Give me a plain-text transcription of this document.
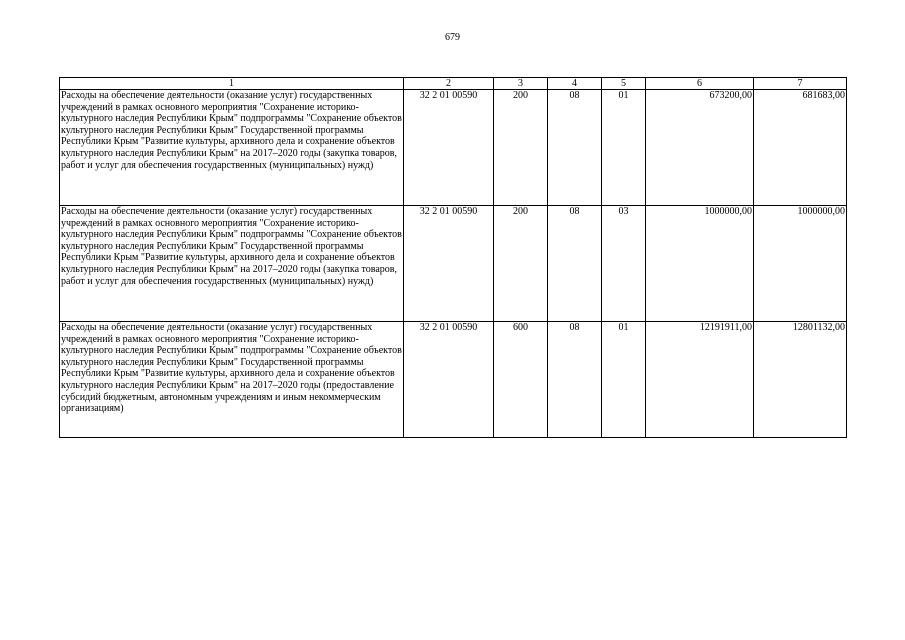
679
1	2	3	4	5	6	7
Расходы на обеспечение деятельности (оказание услуг) государственных учреждений в рамках основного мероприятия "Сохранение историко-культурного наследия Республики Крым" подпрограммы "Сохранение объектов культурного наследия Республики Крым" Государственной программы Республики Крым "Развитие культуры, архивного дела и сохранение объектов культурного наследия Республики Крым" на 2017–2020 годы (закупка товаров, работ и услуг для обеспечения государственных (муниципальных) нужд)	32 2 01 00590	200	08	01	673200,00	681683,00
Расходы на обеспечение деятельности (оказание услуг) государственных учреждений в рамках основного мероприятия "Сохранение историко-культурного наследия Республики Крым" подпрограммы "Сохранение объектов культурного наследия Республики Крым" Государственной программы Республики Крым "Развитие культуры, архивного дела и сохранение объектов культурного наследия Республики Крым" на 2017–2020 годы (закупка товаров, работ и услуг для обеспечения государственных (муниципальных) нужд)	32 2 01 00590	200	08	03	1000000,00	1000000,00
Расходы на обеспечение деятельности (оказание услуг) государственных учреждений в рамках основного мероприятия "Сохранение историко-культурного наследия Республики Крым" подпрограммы "Сохранение объектов культурного наследия Республики Крым" Государственной программы Республики Крым "Развитие культуры, архивного дела и сохранение объектов культурного наследия Республики Крым" на 2017–2020 годы (предоставление субсидий бюджетным, автономным учреждениям и иным некоммерческим организациям)	32 2 01 00590	600	08	01	12191911,00	12801132,00
